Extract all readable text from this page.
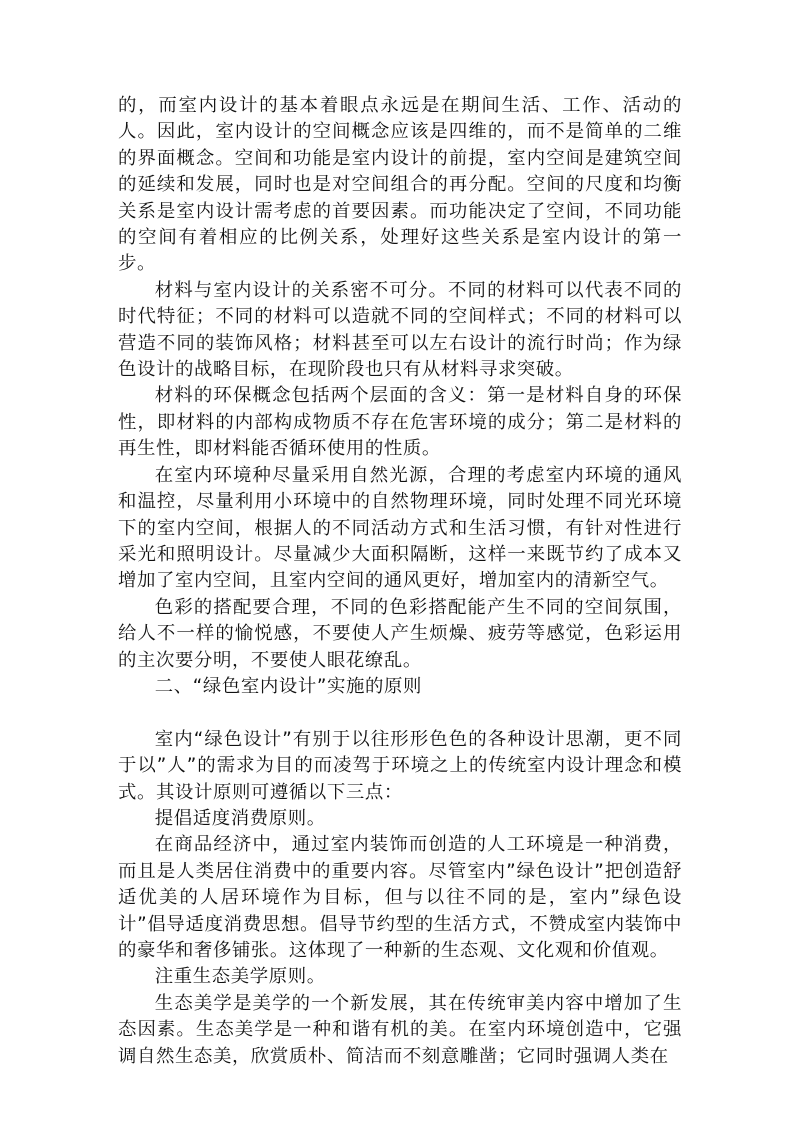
的，而室内设计的基本着眼点永远是在期间生活、工作、活动的人。因此，室内设计的空间概念应该是四维的，而不是简单的二维的界面概念。空间和功能是室内设计的前提，室内空间是建筑空间的延续和发展，同时也是对空间组合的再分配。空间的尺度和均衡关系是室内设计需考虑的首要因素。而功能决定了空间，不同功能的空间有着相应的比例关系，处理好这些关系是室内设计的第一步。

材料与室内设计的关系密不可分。不同的材料可以代表不同的时代特征；不同的材料可以造就不同的空间样式；不同的材料可以营造不同的装饰风格；材料甚至可以左右设计的流行时尚；作为绿色设计的战略目标，在现阶段也只有从材料寻求突破。

材料的环保概念包括两个层面的含义：第一是材料自身的环保性，即材料的内部构成物质不存在危害环境的成分；第二是材料的再生性，即材料能否循环使用的性质。

在室内环境种尽量采用自然光源，合理的考虑室内环境的通风和温控，尽量利用小环境中的自然物理环境，同时处理不同光环境下的室内空间，根据人的不同活动方式和生活习惯，有针对性进行采光和照明设计。尽量减少大面积隔断，这样一来既节约了成本又增加了室内空间，且室内空间的通风更好，增加室内的清新空气。

色彩的搭配要合理，不同的色彩搭配能产生不同的空间氛围，给人不一样的愉悦感，不要使人产生烦燥、疲劳等感觉，色彩运用的主次要分明，不要使人眼花缭乱。

二、“绿色室内设计”实施的原则

室内“绿色设计”有别于以往形形色色的各种设计思潮，更不同于以”人”的需求为目的而凌驾于环境之上的传统室内设计理念和模式。其设计原则可遵循以下三点：

提倡适度消费原则。

在商品经济中，通过室内装饰而创造的人工环境是一种消费，而且是人类居住消费中的重要内容。尽管室内”绿色设计”把创造舒适优美的人居环境作为目标，但与以往不同的是，室内”绿色设计”倡导适度消费思想。倡导节约型的生活方式，不赞成室内装饰中的豪华和奢侈铺张。这体现了一种新的生态观、文化观和价值观。

注重生态美学原则。

生态美学是美学的一个新发展，其在传统审美内容中增加了生态因素。生态美学是一种和谐有机的美。在室内环境创造中，它强调自然生态美，欣赏质朴、简洁而不刻意雕凿；它同时强调人类在
